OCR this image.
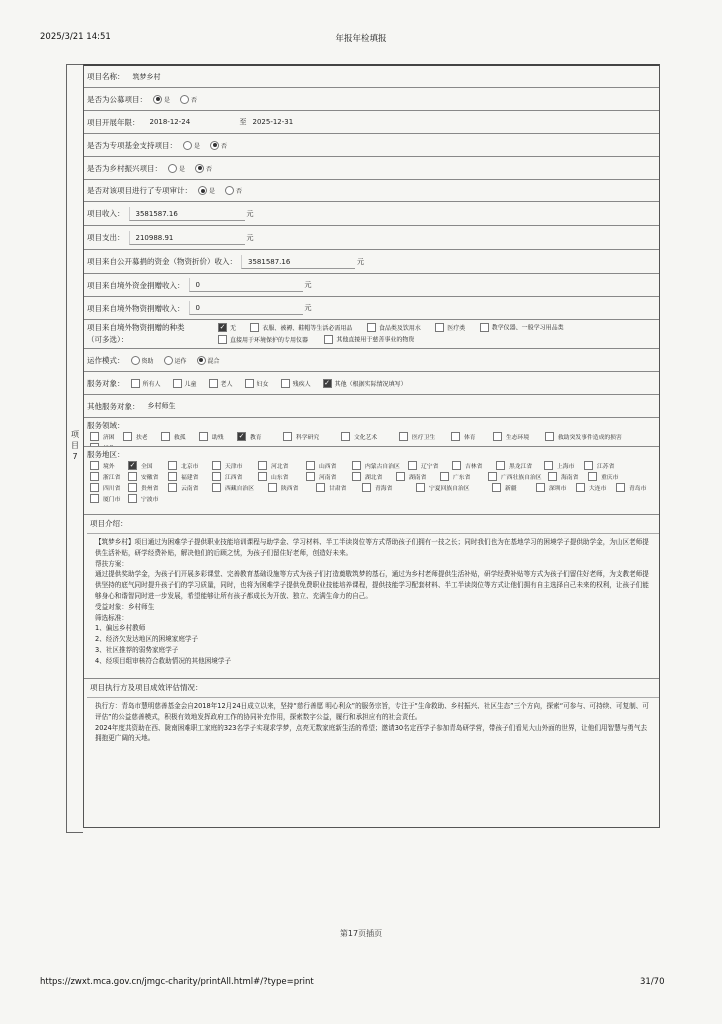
2025/3/21 14:51	年报年检填报
项目7
项目名称： 筑梦乡村
是否为公募项目：	是	否
项目开展年限： 2018-12-24	至 2025-12-31
是否为专项基金支持项目：	是	否
是否为乡村振兴项目：	是	否
是否对该项目进行了专项审计：	是	否
项目收入：	3581587.16	元
项目支出：	210988.91	元
项目来自公开募捐的资金（物资折价）收入：	3581587.16	元
项目来自境外资金捐赠收入：	0	元
项目来自境外物资捐赠收入：	0	元
项目来自境外物资捐赠的种类
（可多选）：
✓ 无	衣服、被褥、鞋帽等生活必需用品	食品类及饮用水	医疗类	教学仪器、一般学习用品类
直接用于环境保护的专用仪器	其他直接用于慈善事业的物资
运作模式：	资助	运作	混合
服务对象：	所有人	儿童	老人	妇女	残疾人 ✓ 其他（根据实际情况填写）
其他服务对象： 乡村师生
服务领域：
济困	扶老	救孤	助残 ✓ 教育	科学研究	文化艺术	医疗卫生	体育	生态环境	救助突发事件造成的损害
服务地区：
境外 ✓ 全国	北京市	天津市	河北省	山西省	内蒙古自治区	辽宁省	吉林省	黑龙江省	上海市	江苏省
浙江省	安徽省	福建省	江西省	山东省	河南省	湖北省	湖南省	广东省	广西壮族自治区	海南省	重庆市
四川省	贵州省	云南省	西藏自治区	陕西省	甘肃省	青海省	宁夏回族自治区	新疆	深圳市	大连市	青岛市
厦门市	宁波市
项目介绍：
【筑梦乡村】项目通过为困难学子提供职业技能培训课程与助学金、学习材料、半工半读岗位等方式帮助孩子们拥有一技之长；同时我们也为在基地学习的困境学子提供助学金，为山区老师提供生活补贴，研学经费补贴，解决他们的后顾之忧，为孩子们留住好老师，创造好未来。
帮扶方案：
通过提供奖助学金，为孩子们开展多彩课堂、完善教育基础设施等方式为孩子们打造奠敬筑梦的基石，通过为乡村老师提供生活补贴，研学经费补贴等方式为孩子们留住好老师，为支教老师提供坚持的底气同时提升孩子们的学习质量，同时，也将为困难学子提供免费职业技能培养课程，提供技能学习配套材料、半工半读岗位等方式让他们拥有自主选择自己未来的权利，让孩子们能够身心和谐智同时进一步发展，希望能够让所有孩子都成长为开放、独立、充满生命力的自己。
受益对象：乡村师生
筛选标准：
1、偏远乡村教师
2、经济欠发达地区的困境家庭学子
3、社区推荐的弱势家庭学子
4、经项目组审核符合救助情况的其他困境学子
项目执行方及项目成效评估情况：
执行方：青岛市慧明慈善基金会自2018年12月24日成立以来，坚持“慈行善愿 明心利众”的服务宗旨，专注于“生命救助、乡村振兴、社区生态”三个方向，探索“可参与、可持续、可复制、可评估”的公益慈善模式，积极有效地发挥政府工作的协同补充作用，探索数字公益，履行和承担应有的社会责任。
2024年度共资助在西、陇南困难职工家庭的323名学子实现求学梦，点亮无数家庭新生活的希望；邀请30名定西学子参加青岛研学营，带孩子们看见大山外面的世界，让他们用智慧与勇气去拥抱更广阔的天地。
第17页插页
https://zwxt.mca.gov.cn/jmgc-charity/printAll.html#/?type=print	31/70
